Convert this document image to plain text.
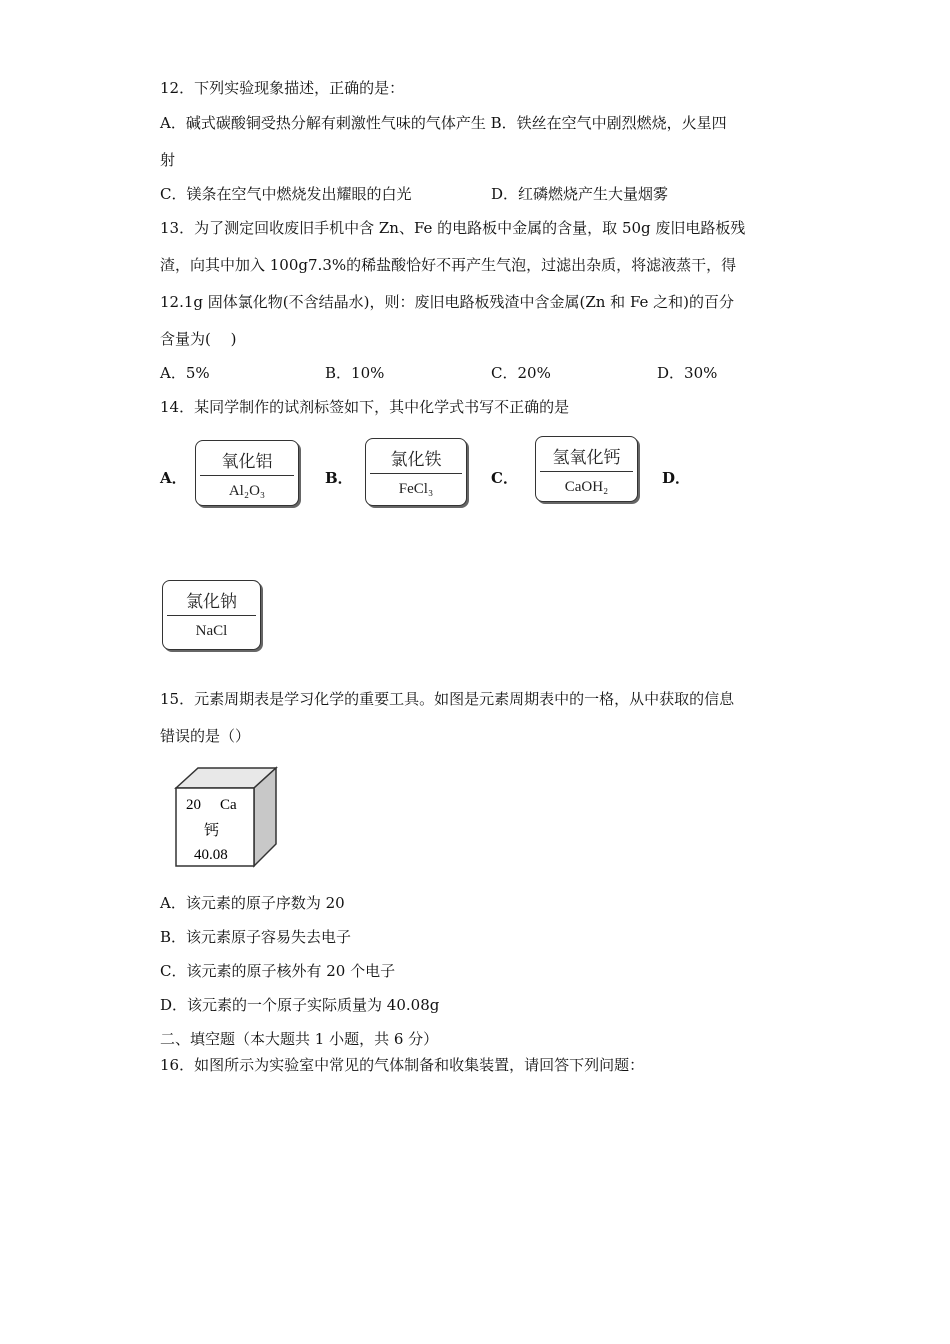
12．下列实验现象描述，正确的是：
A．碱式碳酸铜受热分解有刺激性气味的气体产生 B．铁丝在空气中剧烈燃烧，火星四
射
C．镁条在空气中燃烧发出耀眼的白光	D．红磷燃烧产生大量烟雾
13．为了测定回收废旧手机中含 Zn、Fe 的电路板中金属的含量，取 50g 废旧电路板残
渣，向其中加入 100g7.3%的稀盐酸恰好不再产生气泡，过滤出杂质，将滤液蒸干，得
12.1g 固体氯化物(不含结晶水)，则：废旧电路板残渣中含金属(Zn 和 Fe 之和)的百分
含量为(　 )
A．5%	B．10%	C．20%	D．30%
14．某同学制作的试剂标签如下，其中化学式书写不正确的是
A．
氧化铝
Al₂O₃
B．
氯化铁
FeCl₃
C．
氢氧化钙
CaOH₂	D．
氯化钠
NaCl
15．元素周期表是学习化学的重要工具。如图是元素周期表中的一格，从中获取的信息
错误的是（）
20 Ca
钙
40.08
A．该元素的原子序数为 20
B．该元素原子容易失去电子
C．该元素的原子核外有 20 个电子
D．该元素的一个原子实际质量为 40.08g
二、填空题（本大题共 1 小题，共 6 分）
16．如图所示为实验室中常见的气体制备和收集装置，请回答下列问题：
